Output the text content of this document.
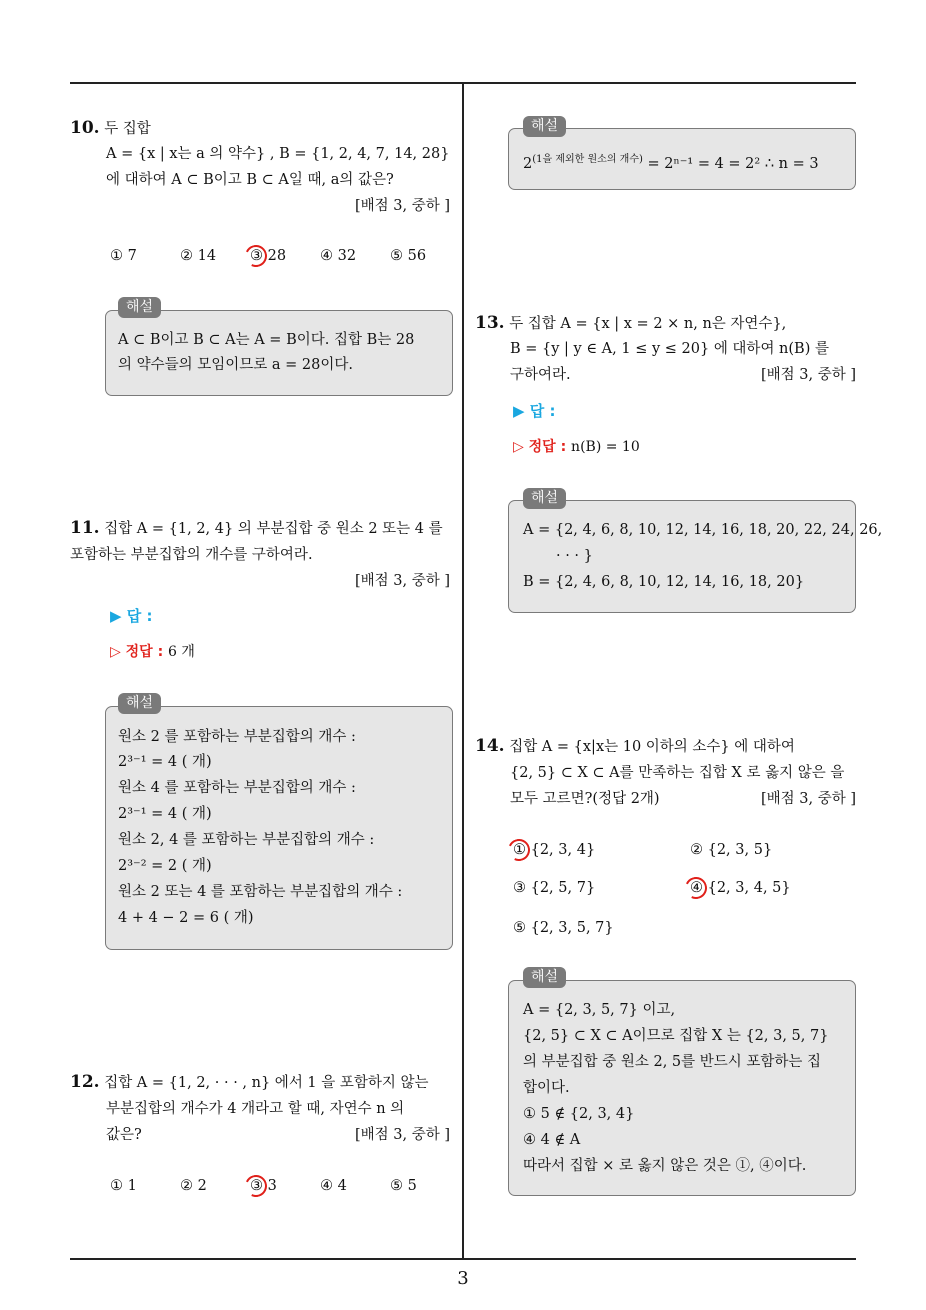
10. 두 집합
A = {x | x는 a 의 약수} , B = {1, 2, 4, 7, 14, 28}
에 대하여 A ⊂ B이고 B ⊂ A일 때, a의 값은?
[배점 3, 중하 ]
① 7	② 14 ③ 28 ④ 32 ⑤ 56
해설
A ⊂ B이고 B ⊂ A는 A = B이다. 집합 B는 28
의 약수들의 모임이므로 a = 28이다.
11. 집합 A = {1, 2, 4} 의 부분집합 중 원소 2 또는 4 를
포함하는 부분집합의 개수를 구하여라.
[배점 3, 중하 ]
▶ 답 :
▷ 정답 : 6 개
해설
원소 2 를 포함하는 부분집합의 개수 :
2³⁻¹ = 4 ( 개)
원소 4 를 포함하는 부분집합의 개수 :
2³⁻¹ = 4 ( 개)
원소 2, 4 를 포함하는 부분집합의 개수 :
2³⁻² = 2 ( 개)
원소 2 또는 4 를 포함하는 부분집합의 개수 :
4 + 4 − 2 = 6 ( 개)
12. 집합 A = {1, 2, · · · , n} 에서 1 을 포함하지 않는
부분집합의 개수가 4 개라고 할 때, 자연수 n 의
값은?	[배점 3, 중하 ]
① 1	② 2	③ 3	④ 4	⑤ 5
해설
$2^{(1을 제외한 원소의 개수)} = 2^{n-1} = 4 = 2^2$ ∴ n = 3
13. 두 집합 A = {x | x = 2 × n, n은 자연수},
B = {y | y ∈ A, 1 ≤ y ≤ 20} 에 대하여 n(B) 를
구하여라.	[배점 3, 중하 ]
▶ 답 :
▷ 정답 : n(B) = 10
해설
A = {2, 4, 6, 8, 10, 12, 14, 16, 18, 20, 22, 24, 26,
· · · }
B = {2, 4, 6, 8, 10, 12, 14, 16, 18, 20}
14. 집합 A = {x|x는 10 이하의 소수} 에 대하여
{2, 5} ⊂ X ⊂ A를 만족하는 집합 X 로 옳지 않은 을
모두 고르면?(정답 2개)	[배점 3, 중하 ]
① {2, 3, 4}	② {2, 3, 5}
③ {2, 5, 7}	④ {2, 3, 4, 5}
⑤ {2, 3, 5, 7}
해설
A = {2, 3, 5, 7} 이고,
{2, 5} ⊂ X ⊂ A이므로 집합 X 는 {2, 3, 5, 7}
의 부분집합 중 원소 2, 5를 반드시 포함하는 집
합이다.
① 5 ∉ {2, 3, 4}
④ 4 ∉ A
따라서 집합 × 로 옳지 않은 것은 ①, ④이다.
3
